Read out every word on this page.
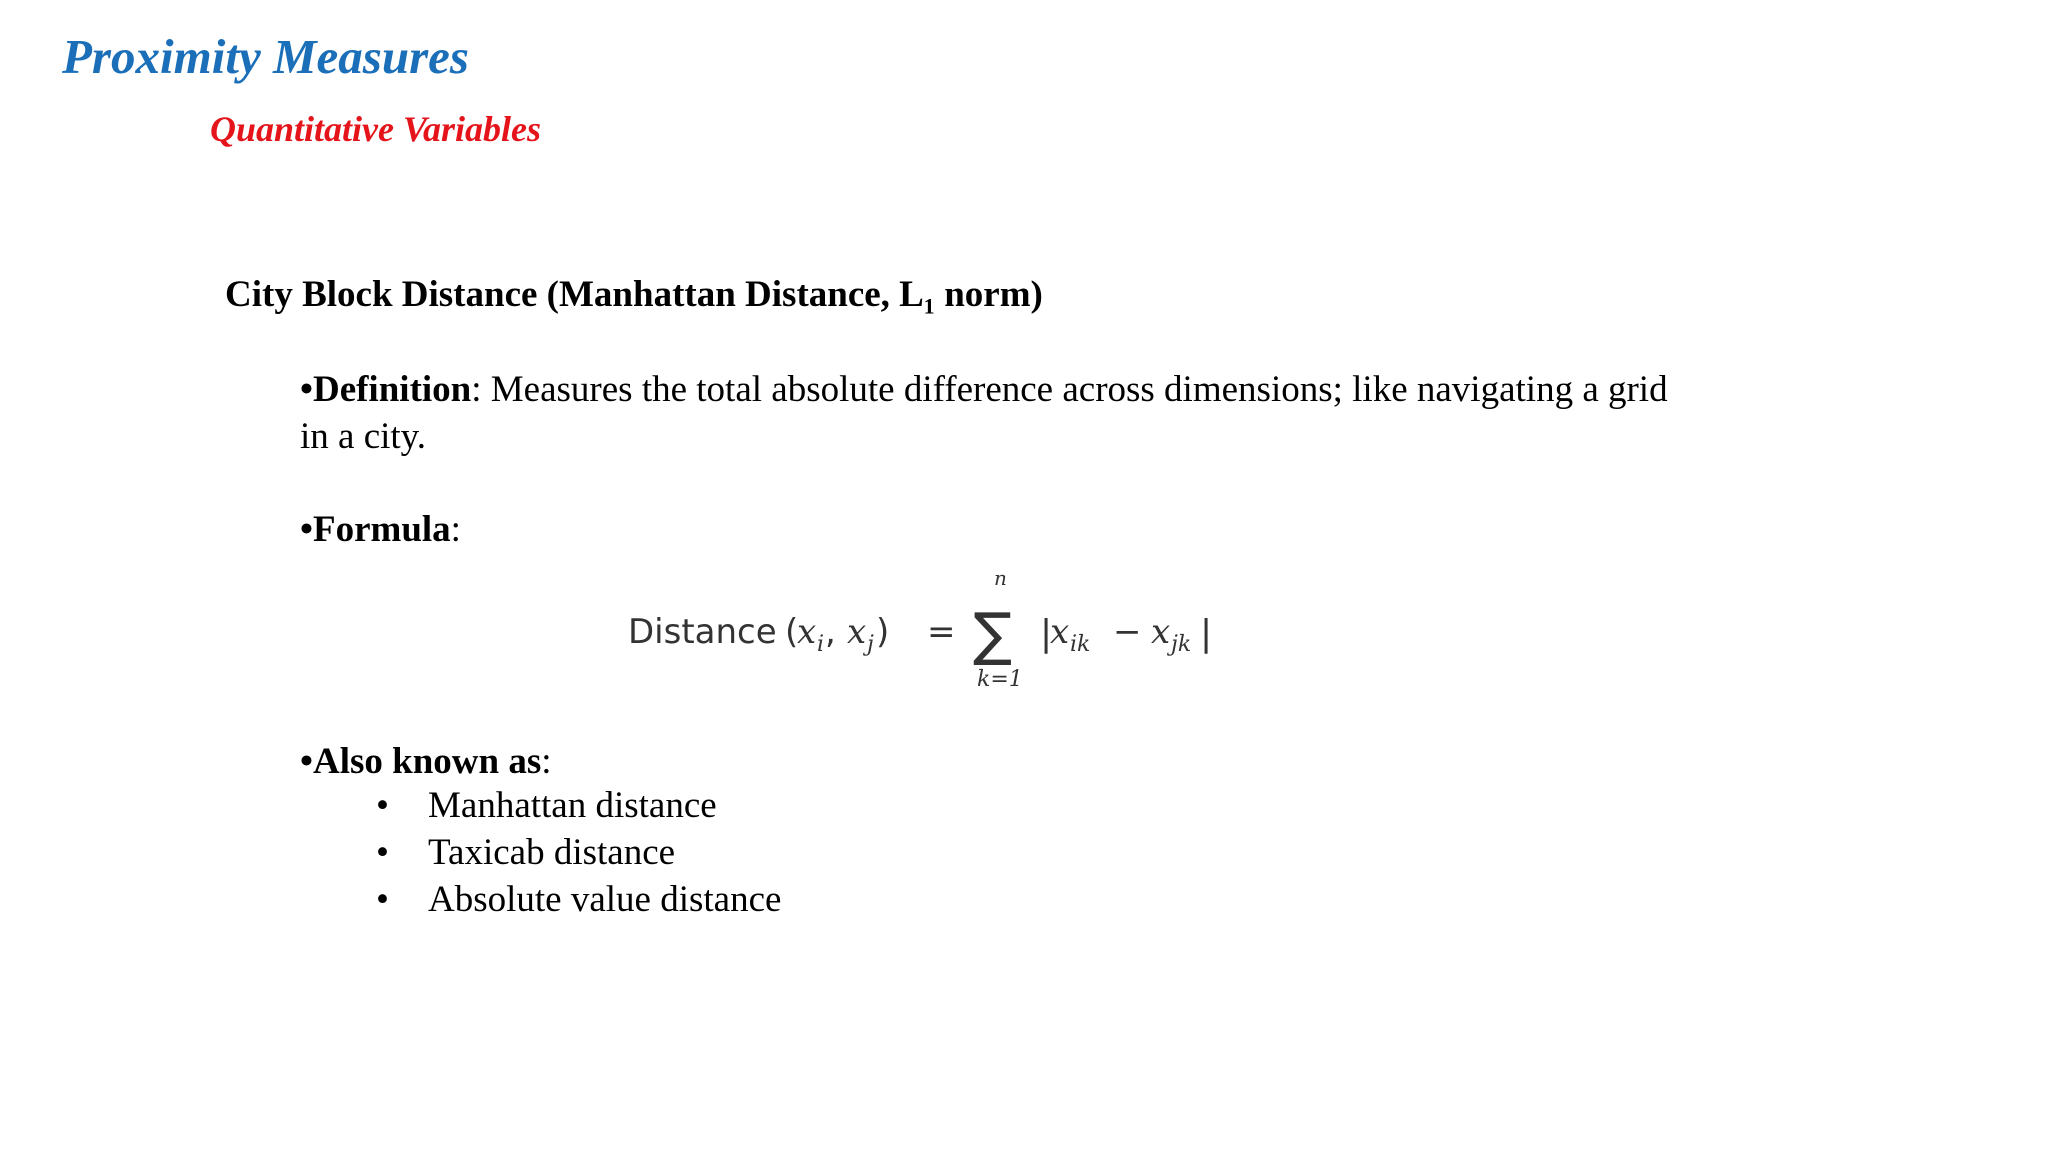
Proximity Measures
Quantitative Variables
City Block Distance (Manhattan Distance, L₁ norm)
•Definition: Measures the total absolute difference across dimensions; like navigating a grid in a city.
•Formula:
Distance (
x i , x j ) =
n
∑
k=1
|
x ik − x jk |
•Also known as:
• Manhattan distance
• Taxicab distance
• Absolute value distance
